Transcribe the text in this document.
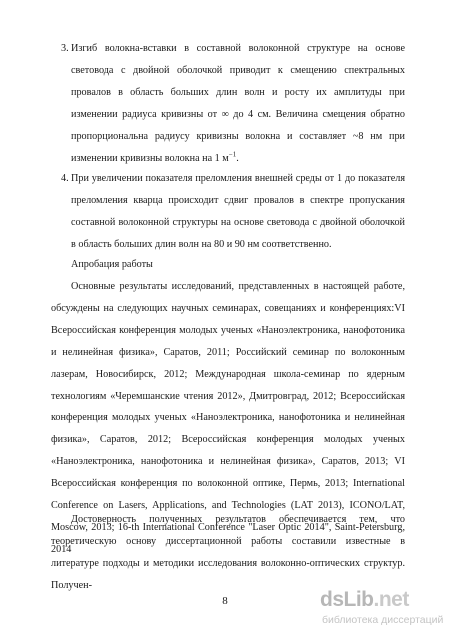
3. Изгиб волокна-вставки в составной волоконной структуре на основе световода с двойной оболочкой приводит к смещению спектральных провалов в область больших длин волн и росту их амплитуды при изменении радиуса кривизны от ∞ до 4 см. Величина смещения обратно пропорциональна радиусу кривизны волокна и составляет ~8 нм при изменении кривизны волокна на 1 $м^{-1}$.
4. При увеличении показателя преломления внешней среды от 1 до показателя преломления кварца происходит сдвиг провалов в спектре пропускания составной волоконной структуры на основе световода с двойной оболочкой в область больших длин волн на 80 и 90 нм соответственно.
Апробация работы
Основные результаты исследований, представленных в настоящей работе, обсуждены на следующих научных семинарах, совещаниях и конференциях:VI Всероссийская конференция молодых ученых «Наноэлектроника, нанофотоника и нелинейная физика», Саратов, 2011; Российский семинар по волоконным лазерам, Новосибирск, 2012; Международная школа-семинар по ядерным технологиям «Черемшанские чтения 2012», Дмитровград, 2012; Всероссийская конференция молодых ученых «Наноэлектроника, нанофотоника и нелинейная физика», Саратов, 2012; Всероссийская конференция молодых ученых «Наноэлектроника, нанофотоника и нелинейная физика», Саратов, 2013; VI Всероссийская конференция по волоконной оптике, Пермь, 2013; International Conference on Lasers, Applications, and Technologies (LAT 2013), ICONO/LAT, Moscow, 2013; 16-th International Conference "Laser Optic 2014", Saint-Petersburg, 2014
Достоверность полученных результатов обеспечивается тем, что теоретическую основу диссертационной работы составили известные в литературе подходы и методики исследования волоконно-оптических структур. Получен-
8	dsLib.net
библиотека диссертаций
